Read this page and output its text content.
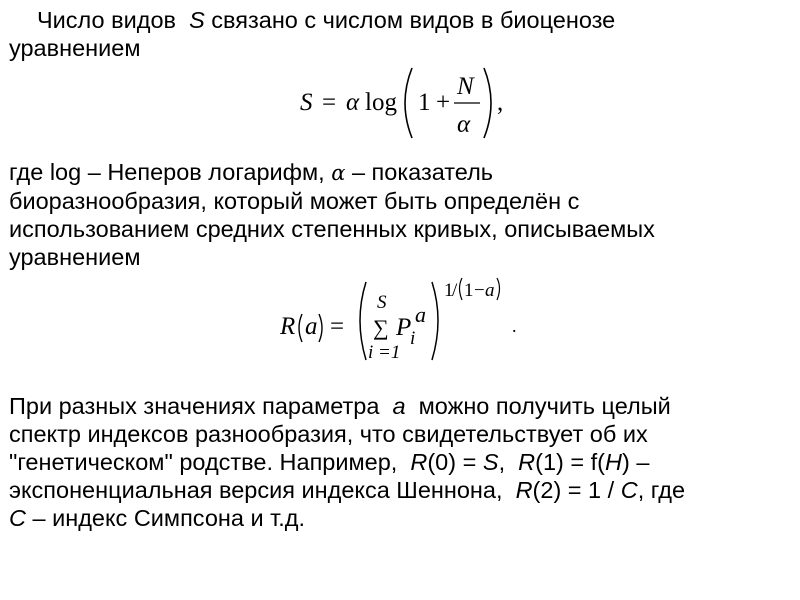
Число видов S связано с числом видов в биоценозе
уравнением

S = α log 1 +
N
α
,

где log – Неперов логарифм, α – показатель
биоразнообразия, который может быть определён с
использованием средних степенных кривых, описываемых
уравнением

R a =
S
∑ P
i
a
i =1
1
/ 1 − a
.

При разных значениях параметра a можно получить целый
спектр индексов разнообразия, что свидетельствует об их
"генетическом" родстве. Например, R(0) = S, R(1) = f(H) –
экспоненциальная версия индекса Шеннона, R(2) = 1 / C, где
C – индекс Симпсона и т.д.
